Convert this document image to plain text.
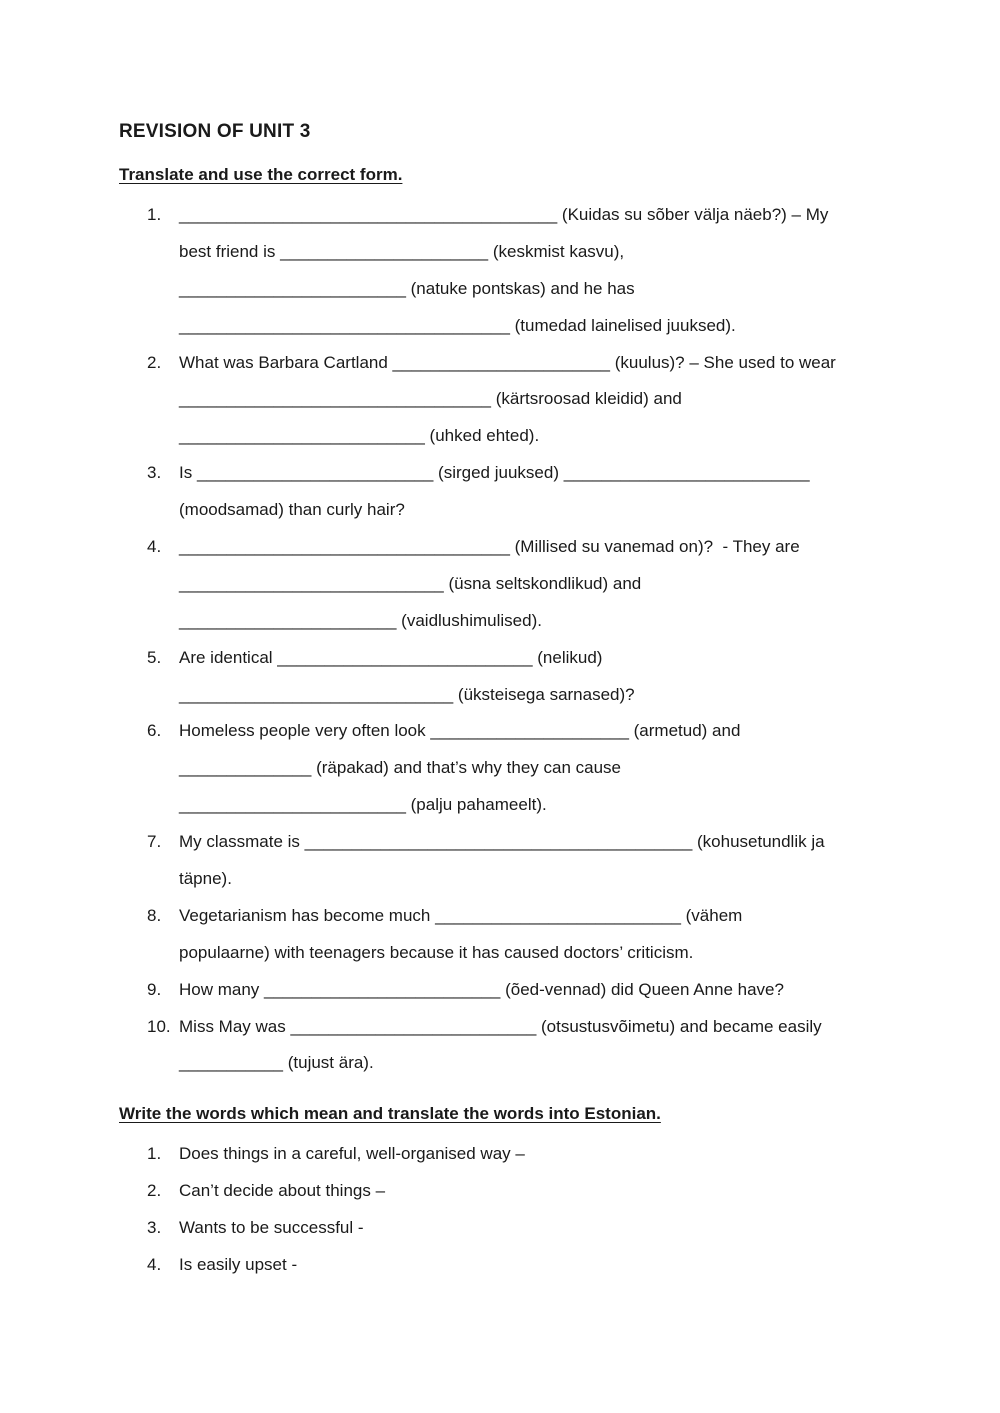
REVISION OF UNIT 3
Translate and use the correct form.
1.	________________________________________ (Kuidas su sõber välja näeb?) – My
best friend is ______________________ (keskmist kasvu),
________________________ (natuke pontskas) and he has
___________________________________ (tumedad lainelised juuksed).
2.	What was Barbara Cartland _______________________ (kuulus)? – She used to wear
_________________________________ (kärtsroosad kleidid) and
__________________________ (uhked ehted).
3.	Is _________________________ (sirged juuksed) __________________________
(moodsamad) than curly hair?
4.	___________________________________ (Millised su vanemad on)?  - They are
____________________________ (üsna seltskondlikud) and
_______________________ (vaidlushimulised).
5.	Are identical ___________________________ (nelikud)
_____________________________ (üksteisega sarnased)?
6.	Homeless people very often look _____________________ (armetud) and
______________ (räpakad) and that’s why they can cause
________________________ (palju pahameelt).
7.	My classmate is _________________________________________ (kohusetundlik ja
täpne).
8.	Vegetarianism has become much __________________________ (vähem
populaarne) with teenagers because it has caused doctors’ criticism.
9.	How many _________________________ (õed-vennad) did Queen Anne have?
10. Miss May was __________________________ (otsustusvõimetu) and became easily
___________ (tujust ära).
Write the words which mean and translate the words into Estonian.
1.	Does things in a careful, well-organised way –
2.	Can’t decide about things –
3.	Wants to be successful -
4.	Is easily upset -
